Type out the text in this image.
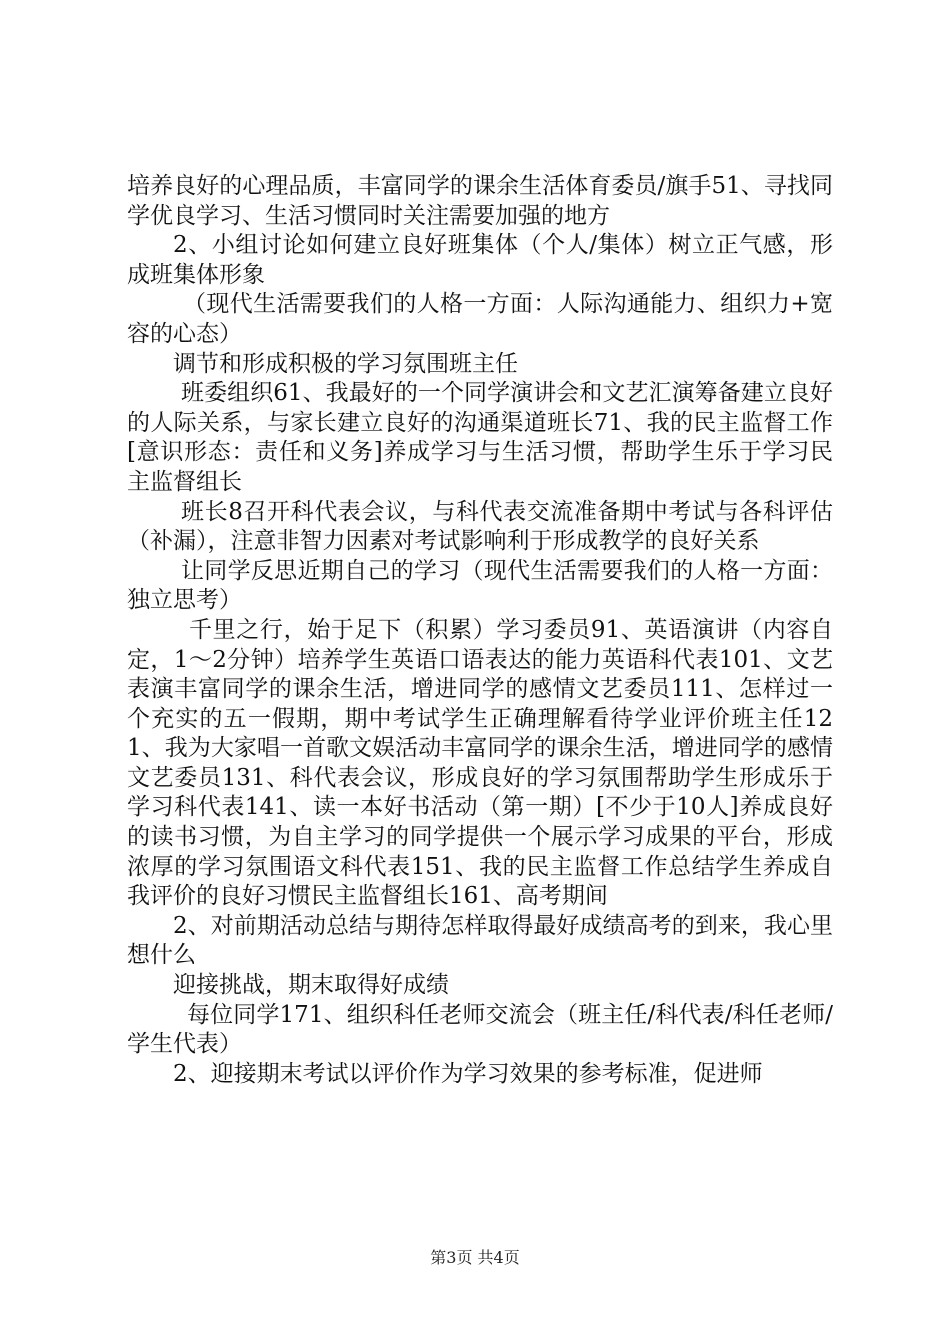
培养良好的心理品质，丰富同学的课余生活体育委员/旗手51、寻找同学优良学习、生活习惯同时关注需要加强的地方

2、小组讨论如何建立良好班集体（个人/集体）树立正气感，形成班集体形象

（现代生活需要我们的人格一方面：人际沟通能力、组织力+宽容的心态）

调节和形成积极的学习氛围班主任

班委组织61、我最好的一个同学演讲会和文艺汇演筹备建立良好的人际关系，与家长建立良好的沟通渠道班长71、我的民主监督工作[意识形态：责任和义务]养成学习与生活习惯，帮助学生乐于学习民主监督组长

班长8召开科代表会议，与科代表交流准备期中考试与各科评估（补漏），注意非智力因素对考试影响利于形成教学的良好关系

让同学反思近期自己的学习（现代生活需要我们的人格一方面：独立思考）

千里之行，始于足下（积累）学习委员91、英语演讲（内容自定，1～2分钟）培养学生英语口语表达的能力英语科代表101、文艺表演丰富同学的课余生活，增进同学的感情文艺委员111、怎样过一个充实的五一假期，期中考试学生正确理解看待学业评价班主任121、我为大家唱一首歌文娱活动丰富同学的课余生活，增进同学的感情文艺委员131、科代表会议，形成良好的学习氛围帮助学生形成乐于学习科代表141、读一本好书活动（第一期）[不少于10人]养成良好的读书习惯，为自主学习的同学提供一个展示学习成果的平台，形成浓厚的学习氛围语文科代表151、我的民主监督工作总结学生养成自我评价的良好习惯民主监督组长161、高考期间

2、对前期活动总结与期待怎样取得最好成绩高考的到来，我心里想什么

迎接挑战，期末取得好成绩

每位同学171、组织科任老师交流会（班主任/科代表/科任老师/学生代表）

2、迎接期末考试以评价作为学习效果的参考标准，促进师

第3页 共4页
